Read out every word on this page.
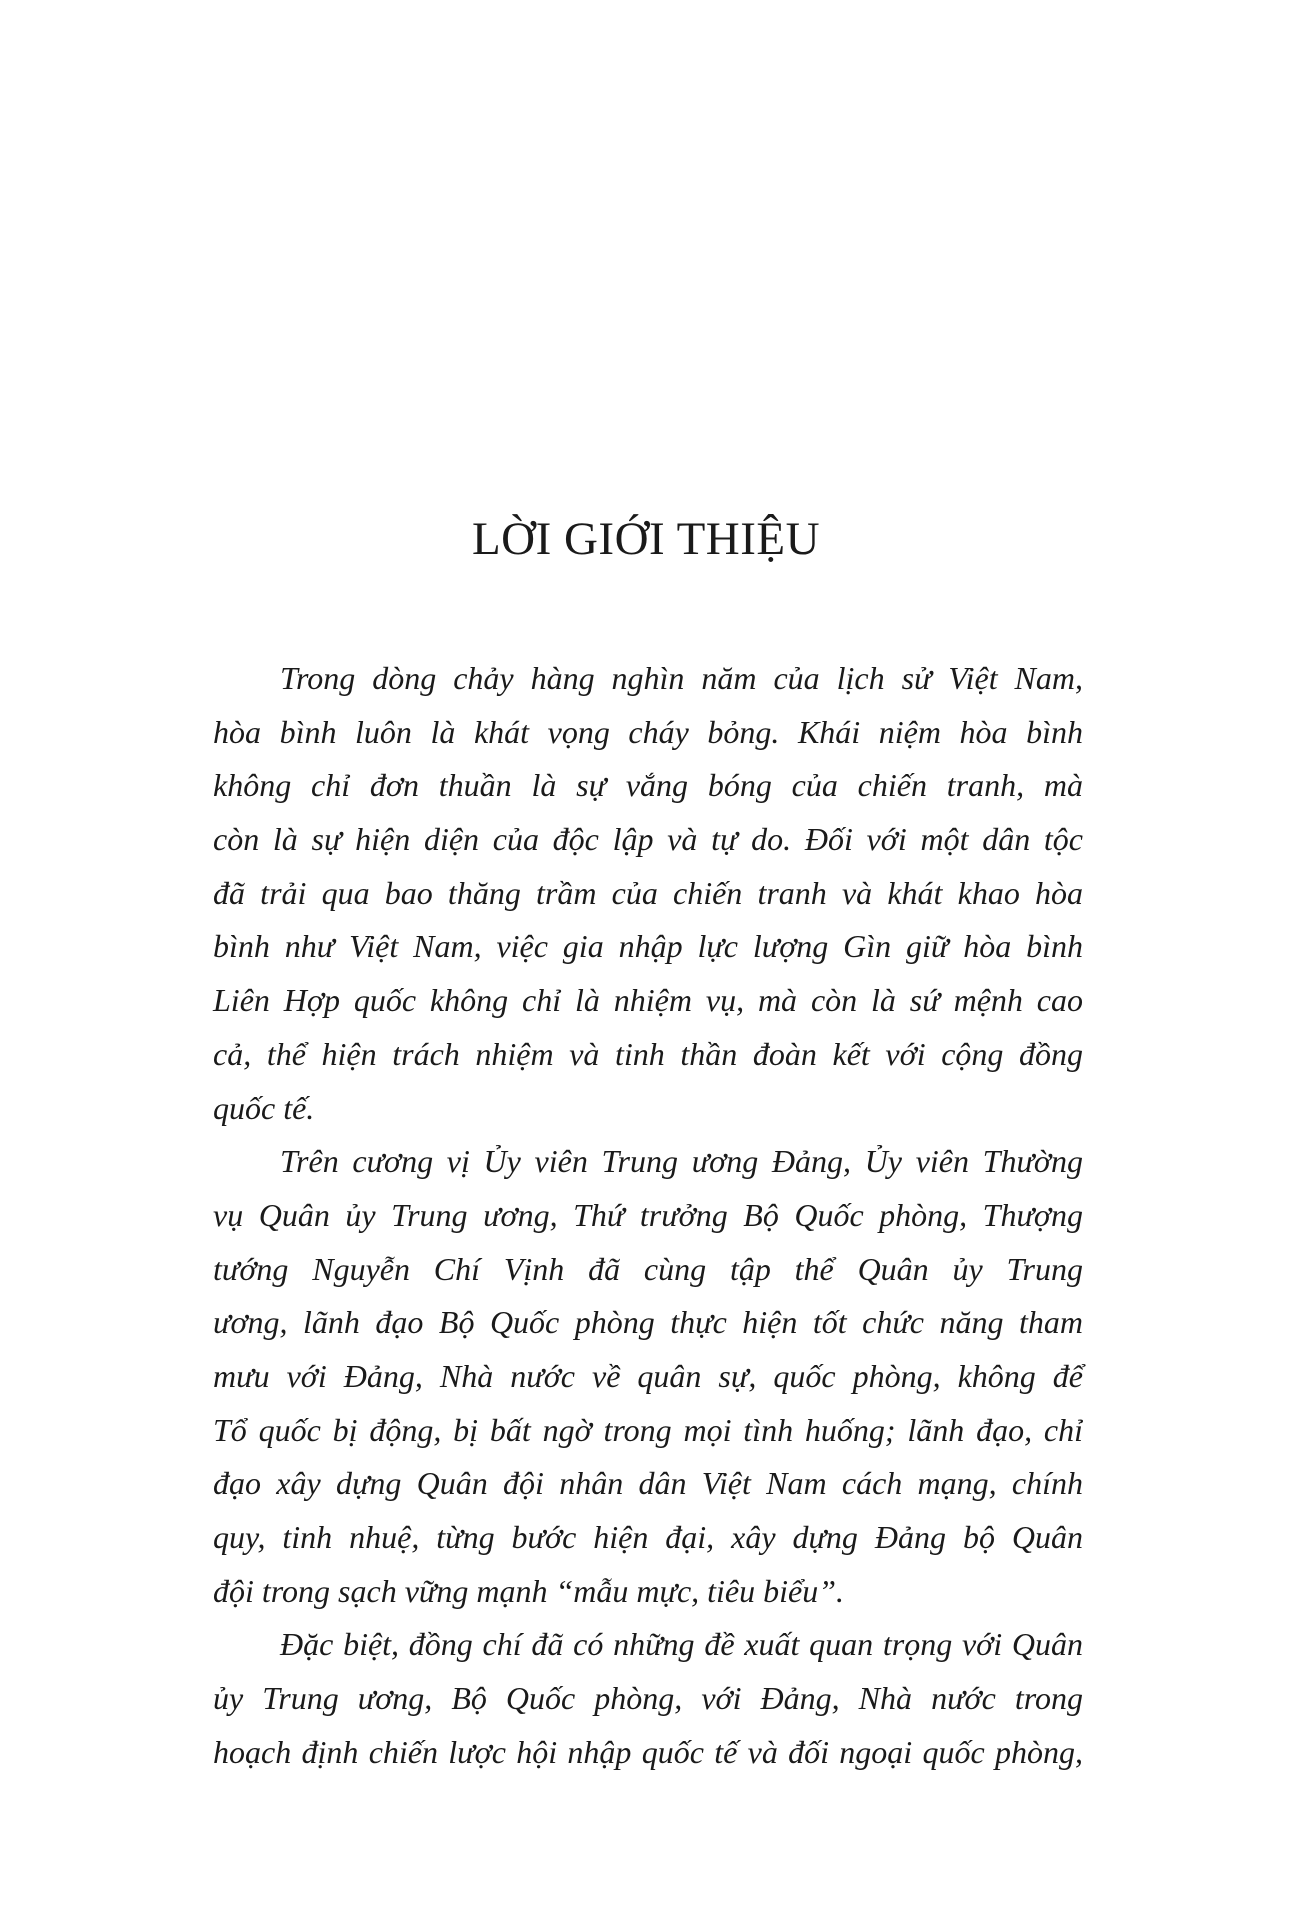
LỜI GIỚI THIỆU
Trong dòng chảy hàng nghìn năm của lịch sử Việt Nam,
hòa bình luôn là khát vọng cháy bỏng. Khái niệm hòa bình
không chỉ đơn thuần là sự vắng bóng của chiến tranh, mà
còn là sự hiện diện của độc lập và tự do. Đối với một dân tộc
đã trải qua bao thăng trầm của chiến tranh và khát khao hòa
bình như Việt Nam, việc gia nhập lực lượng Gìn giữ hòa bình
Liên Hợp quốc không chỉ là nhiệm vụ, mà còn là sứ mệnh cao
cả, thể hiện trách nhiệm và tinh thần đoàn kết với cộng đồng
quốc tế.
Trên cương vị Ủy viên Trung ương Đảng, Ủy viên Thường
vụ Quân ủy Trung ương, Thứ trưởng Bộ Quốc phòng, Thượng
tướng Nguyễn Chí Vịnh đã cùng tập thể Quân ủy Trung
ương, lãnh đạo Bộ Quốc phòng thực hiện tốt chức năng tham
mưu với Đảng, Nhà nước về quân sự, quốc phòng, không để
Tổ quốc bị động, bị bất ngờ trong mọi tình huống; lãnh đạo, chỉ
đạo xây dựng Quân đội nhân dân Việt Nam cách mạng, chính
quy, tinh nhuệ, từng bước hiện đại, xây dựng Đảng bộ Quân
đội trong sạch vững mạnh “mẫu mực, tiêu biểu”.
Đặc biệt, đồng chí đã có những đề xuất quan trọng với Quân
ủy Trung ương, Bộ Quốc phòng, với Đảng, Nhà nước trong
hoạch định chiến lược hội nhập quốc tế và đối ngoại quốc phòng,
